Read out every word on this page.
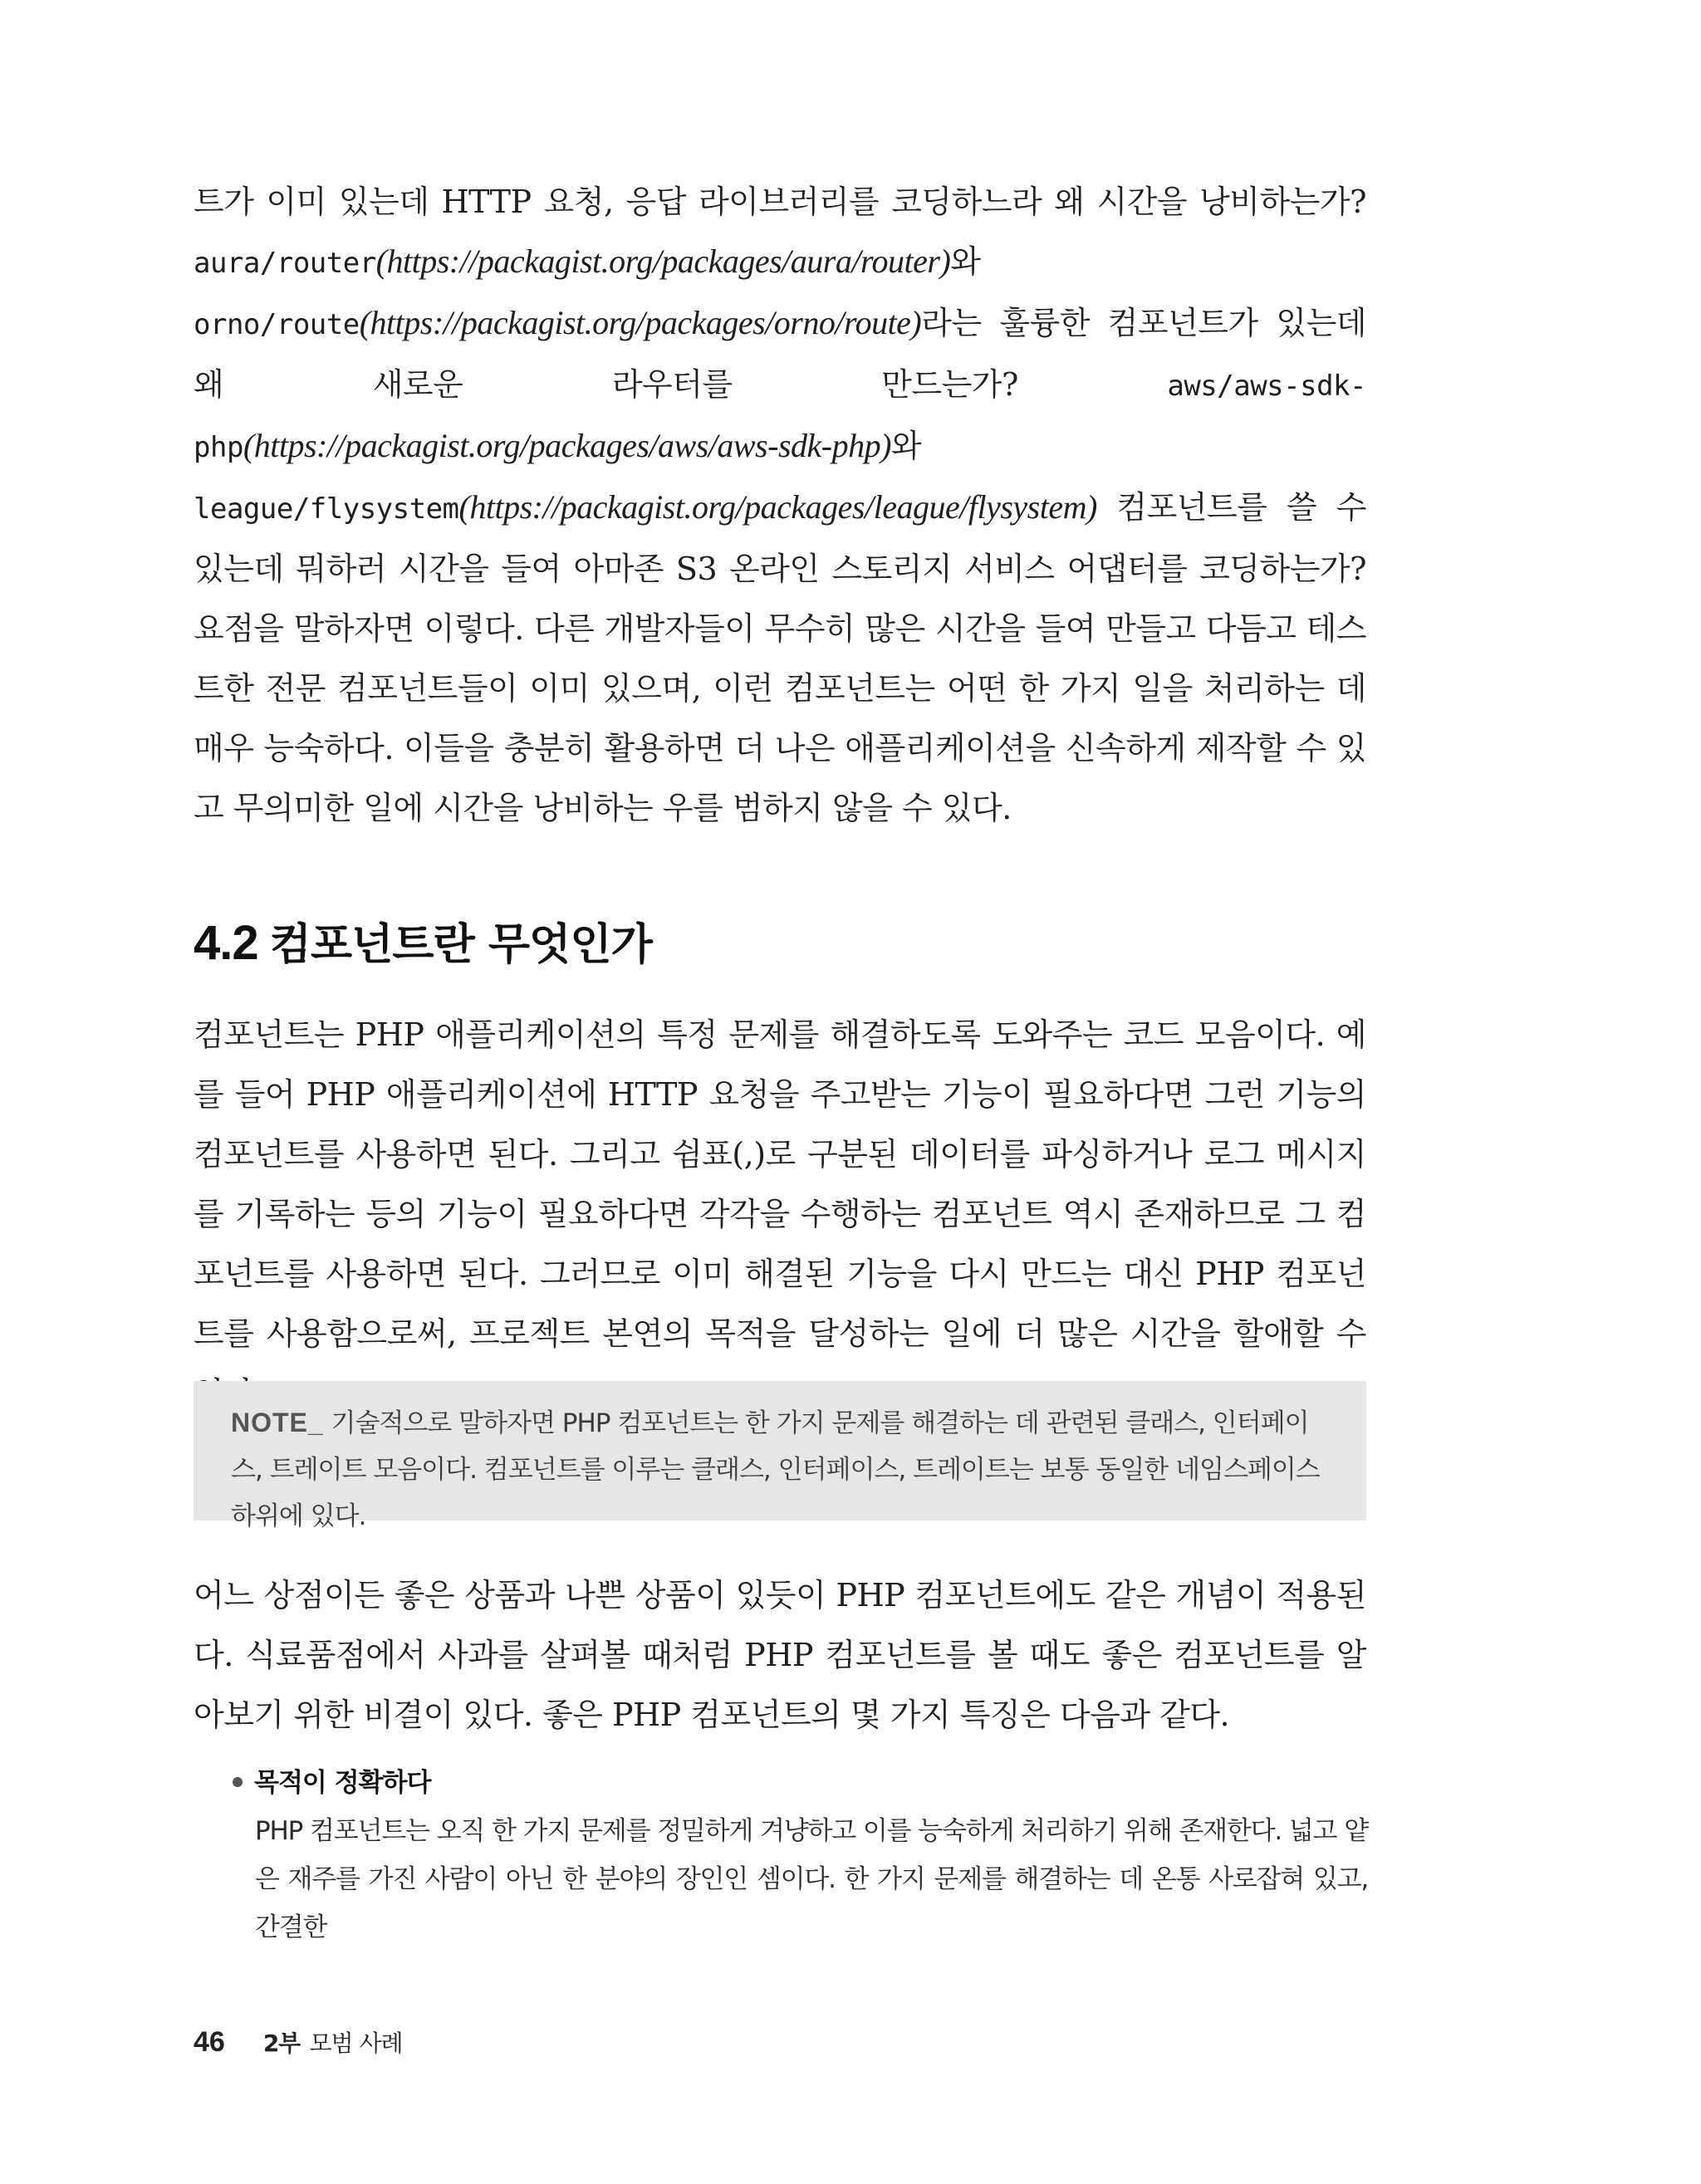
트가 이미 있는데 HTTP 요청, 응답 라이브러리를 코딩하느라 왜 시간을 낭비하는가? aura/router(https://packagist.org/packages/aura/router)와 orno/route(https://packagist.org/packages/orno/route)라는 훌륭한 컴포넌트가 있는데 왜 새로운 라우터를 만드는가? aws/aws-sdk-php(https://packagist.org/packages/aws/aws-sdk-php)와 league/flysystem(https://packagist.org/packages/league/flysystem) 컴포넌트를 쓸 수 있는데 뭐하러 시간을 들여 아마존 S3 온라인 스토리지 서비스 어댑터를 코딩하는가? 요점을 말하자면 이렇다. 다른 개발자들이 무수히 많은 시간을 들여 만들고 다듬고 테스트한 전문 컴포넌트들이 이미 있으며, 이런 컴포넌트는 어떤 한 가지 일을 처리하는 데 매우 능숙하다. 이들을 충분히 활용하면 더 나은 애플리케이션을 신속하게 제작할 수 있고 무의미한 일에 시간을 낭비하는 우를 범하지 않을 수 있다.

4.2 컴포넌트란 무엇인가

컴포넌트는 PHP 애플리케이션의 특정 문제를 해결하도록 도와주는 코드 모음이다. 예를 들어 PHP 애플리케이션에 HTTP 요청을 주고받는 기능이 필요하다면 그런 기능의 컴포넌트를 사용하면 된다. 그리고 쉼표(,)로 구분된 데이터를 파싱하거나 로그 메시지를 기록하는 등의 기능이 필요하다면 각각을 수행하는 컴포넌트 역시 존재하므로 그 컴포넌트를 사용하면 된다. 그러므로 이미 해결된 기능을 다시 만드는 대신 PHP 컴포넌트를 사용함으로써, 프로젝트 본연의 목적을 달성하는 일에 더 많은 시간을 할애할 수

NOTE_ 기술적으로 말하자면 PHP 컴포넌트는 한 가지 문제를 해결하는 데 관련된 클래스, 인터페이스, 트레이트 모음이다. 컴포넌트를 이루는 클래스, 인터페이스, 트레이트는 보통 동일한 네임스페이스 하위에 있다.

어느 상점이든 좋은 상품과 나쁜 상품이 있듯이 PHP 컴포넌트에도 같은 개념이 적용된다. 식료품점에서 사과를 살펴볼 때처럼 PHP 컴포넌트를 볼 때도 좋은 컴포넌트를 알아보기 위한 비결이 있다. 좋은 PHP 컴포넌트의 몇 가지 특징은 다음과 같다.

목적이 정확하다

PHP 컴포넌트는 오직 한 가지 문제를 정밀하게 겨냥하고 이를 능숙하게 처리하기 위해 존재한다. 넓고 얕은 재주를 가진 사람이 아닌 한 분야의 장인인 셈이다. 한 가지 문제를 해결하는 데 온통 사로잡혀 있고, 간결한

46 2부 모범 사례
